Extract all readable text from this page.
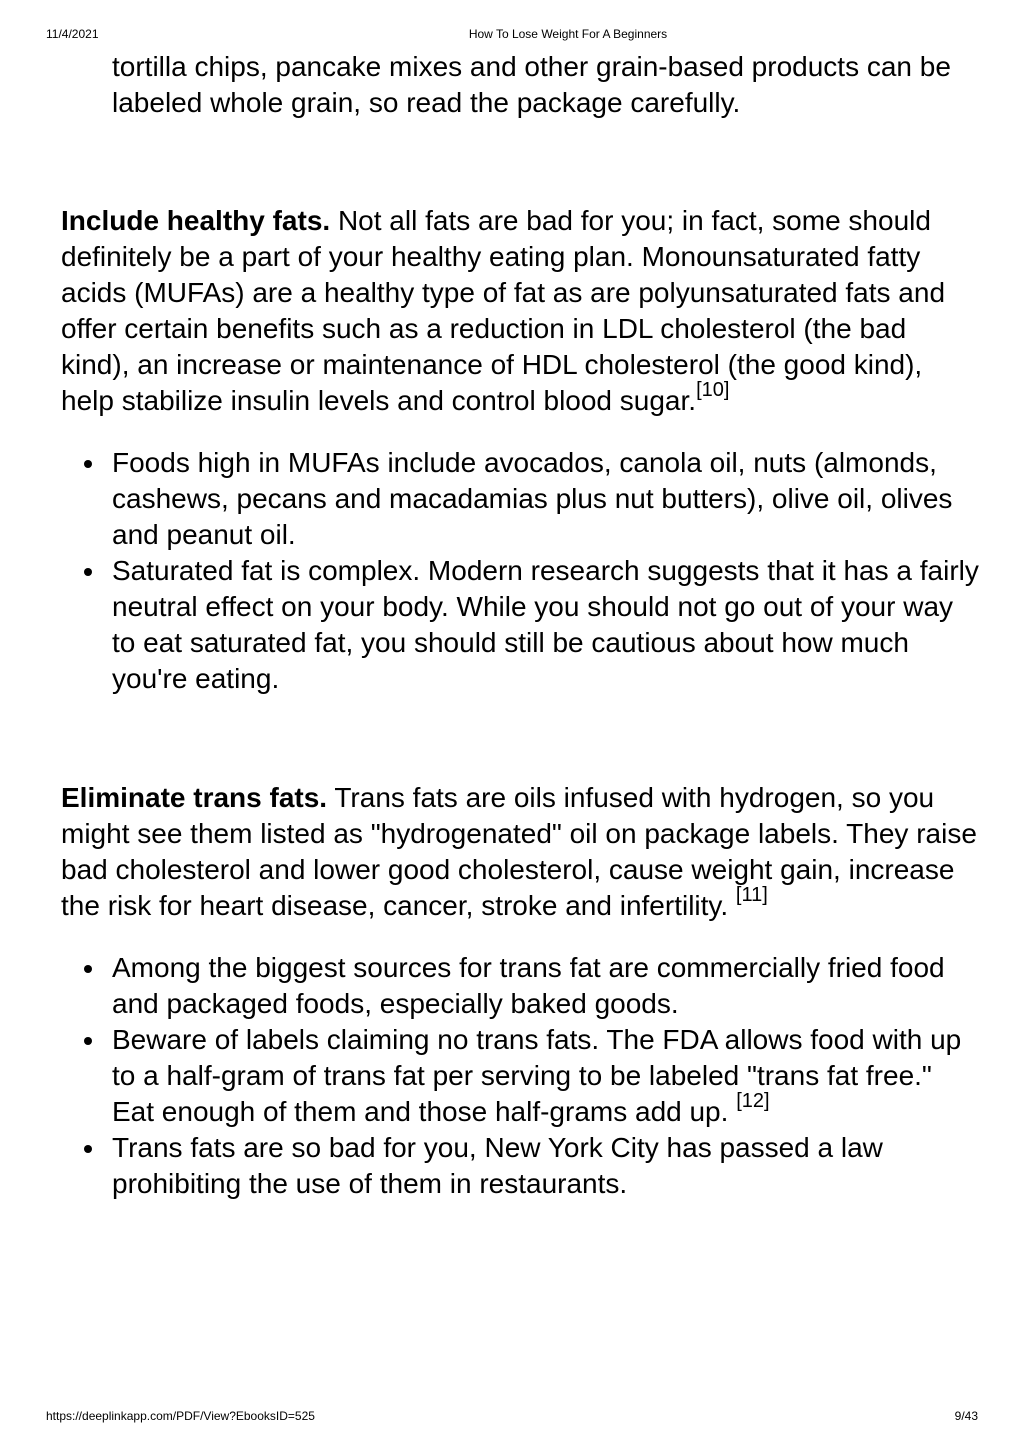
11/4/2021	How To Lose Weight For A Beginners

tortilla chips, pancake mixes and other grain-based products can be labeled whole grain, so read the package carefully.

Include healthy fats. Not all fats are bad for you; in fact, some should definitely be a part of your healthy eating plan. Monounsaturated fatty acids (MUFAs) are a healthy type of fat as are polyunsaturated fats and offer certain benefits such as a reduction in LDL cholesterol (the bad kind), an increase or maintenance of HDL cholesterol (the good kind), help stabilize insulin levels and control blood sugar.[10]

Foods high in MUFAs include avocados, canola oil, nuts (almonds, cashews, pecans and macadamias plus nut butters), olive oil, olives and peanut oil.
Saturated fat is complex. Modern research suggests that it has a fairly neutral effect on your body. While you should not go out of your way to eat saturated fat, you should still be cautious about how much you're eating.

Eliminate trans fats. Trans fats are oils infused with hydrogen, so you might see them listed as "hydrogenated" oil on package labels. They raise bad cholesterol and lower good cholesterol, cause weight gain, increase the risk for heart disease, cancer, stroke and infertility. [11]

Among the biggest sources for trans fat are commercially fried food and packaged foods, especially baked goods.
Beware of labels claiming no trans fats. The FDA allows food with up to a half-gram of trans fat per serving to be labeled "trans fat free." Eat enough of them and those half-grams add up. [12]
Trans fats are so bad for you, New York City has passed a law prohibiting the use of them in restaurants.
https://deeplinkapp.com/PDF/View?EbooksID=525	9/43
